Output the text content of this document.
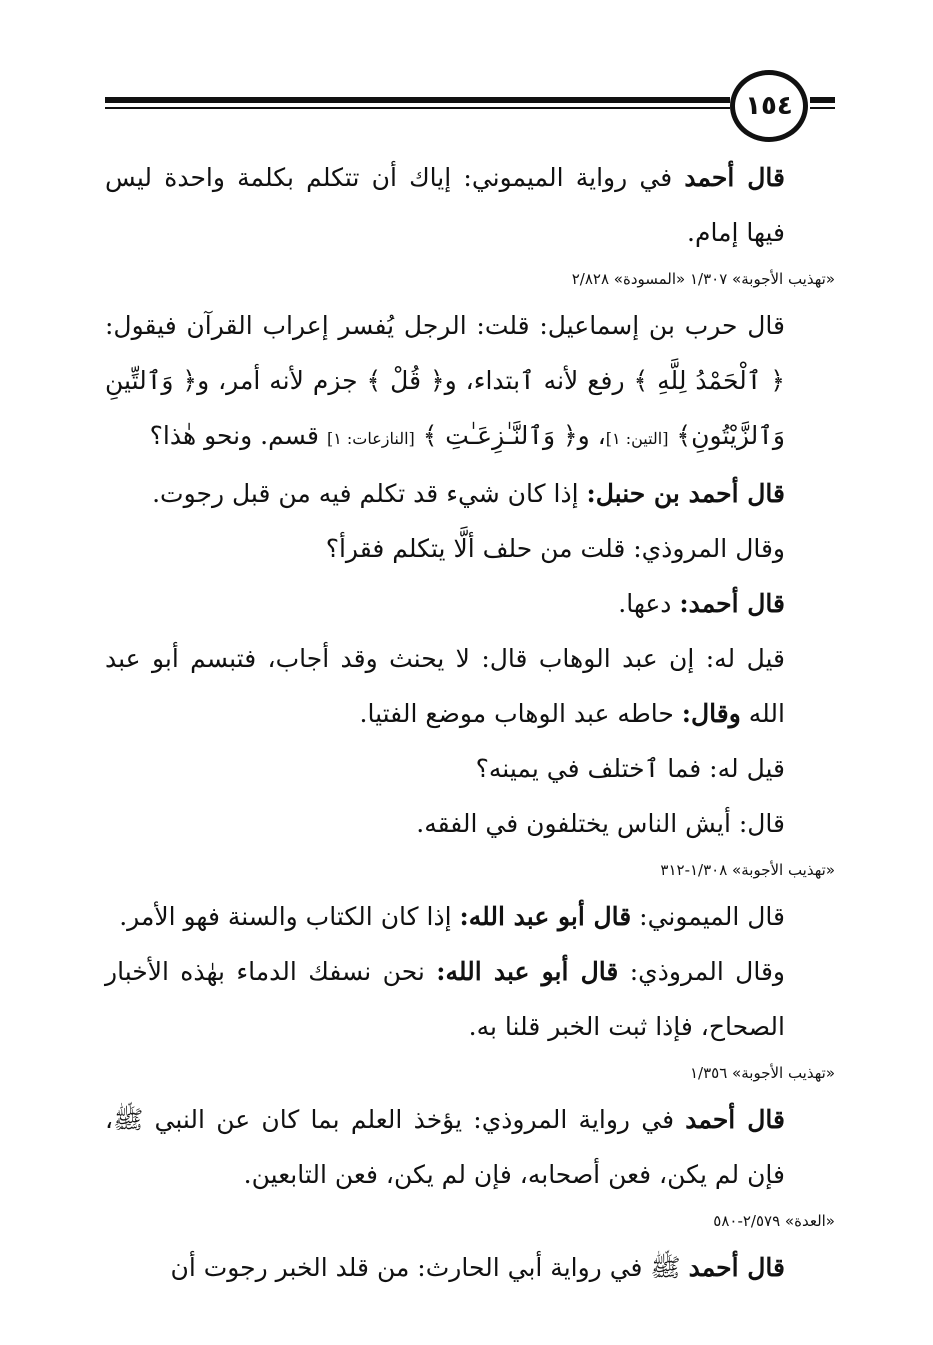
١٥٤

قال أحمد في رواية الميموني: إياك أن تتكلم بكلمة واحدة ليس فيها إمام.

«تهذيب الأجوبة» ١/٣٠٧ «المسودة» ٢/٨٢٨

قال حرب بن إسماعيل: قلت: الرجل يُفسر إعراب القرآن فيقول: ﴿ ٱلْحَمْدُ لِلَّهِ ﴾ رفع لأنه ٱبتداء، و﴿ قُلْ ﴾ جزم لأنه أمر، و﴿ وَٱلتِّينِ وَٱلزَّيْتُونِ﴾ [التين: ١]، و﴿ وَٱلنَّـٰزِعَـٰتِ ﴾ [النازعات: ١] قسم. ونحو هٰذا؟

قال أحمد بن حنبل: إذا كان شيء قد تكلم فيه من قبل رجوت.

وقال المروذي: قلت من حلف ألَّا يتكلم فقرأ؟

قال أحمد: دعها.

قيل له: إن عبد الوهاب قال: لا يحنث وقد أجاب، فتبسم أبو عبد الله وقال: حاطه عبد الوهاب موضع الفتيا.

قيل له: فما ٱختلف في يمينه؟

قال: أيش الناس يختلفون في الفقه.

«تهذيب الأجوبة» ١/٣٠٨-٣١٢

قال الميموني: قال أبو عبد الله: إذا كان الكتاب والسنة فهو الأمر.

وقال المروذي: قال أبو عبد الله: نحن نسفك الدماء بهٰذه الأخبار الصحاح، فإذا ثبت الخبر قلنا به.

«تهذيب الأجوبة» ١/٣٥٦

قال أحمد في رواية المروذي: يؤخذ العلم بما كان عن النبي ﷺ، فإن لم يكن، فعن أصحابه، فإن لم يكن، فعن التابعين.

«العدة» ٢/٥٧٩-٥٨٠

قال أحمد ﷺ في رواية أبي الحارث: من قلد الخبر رجوت أن
